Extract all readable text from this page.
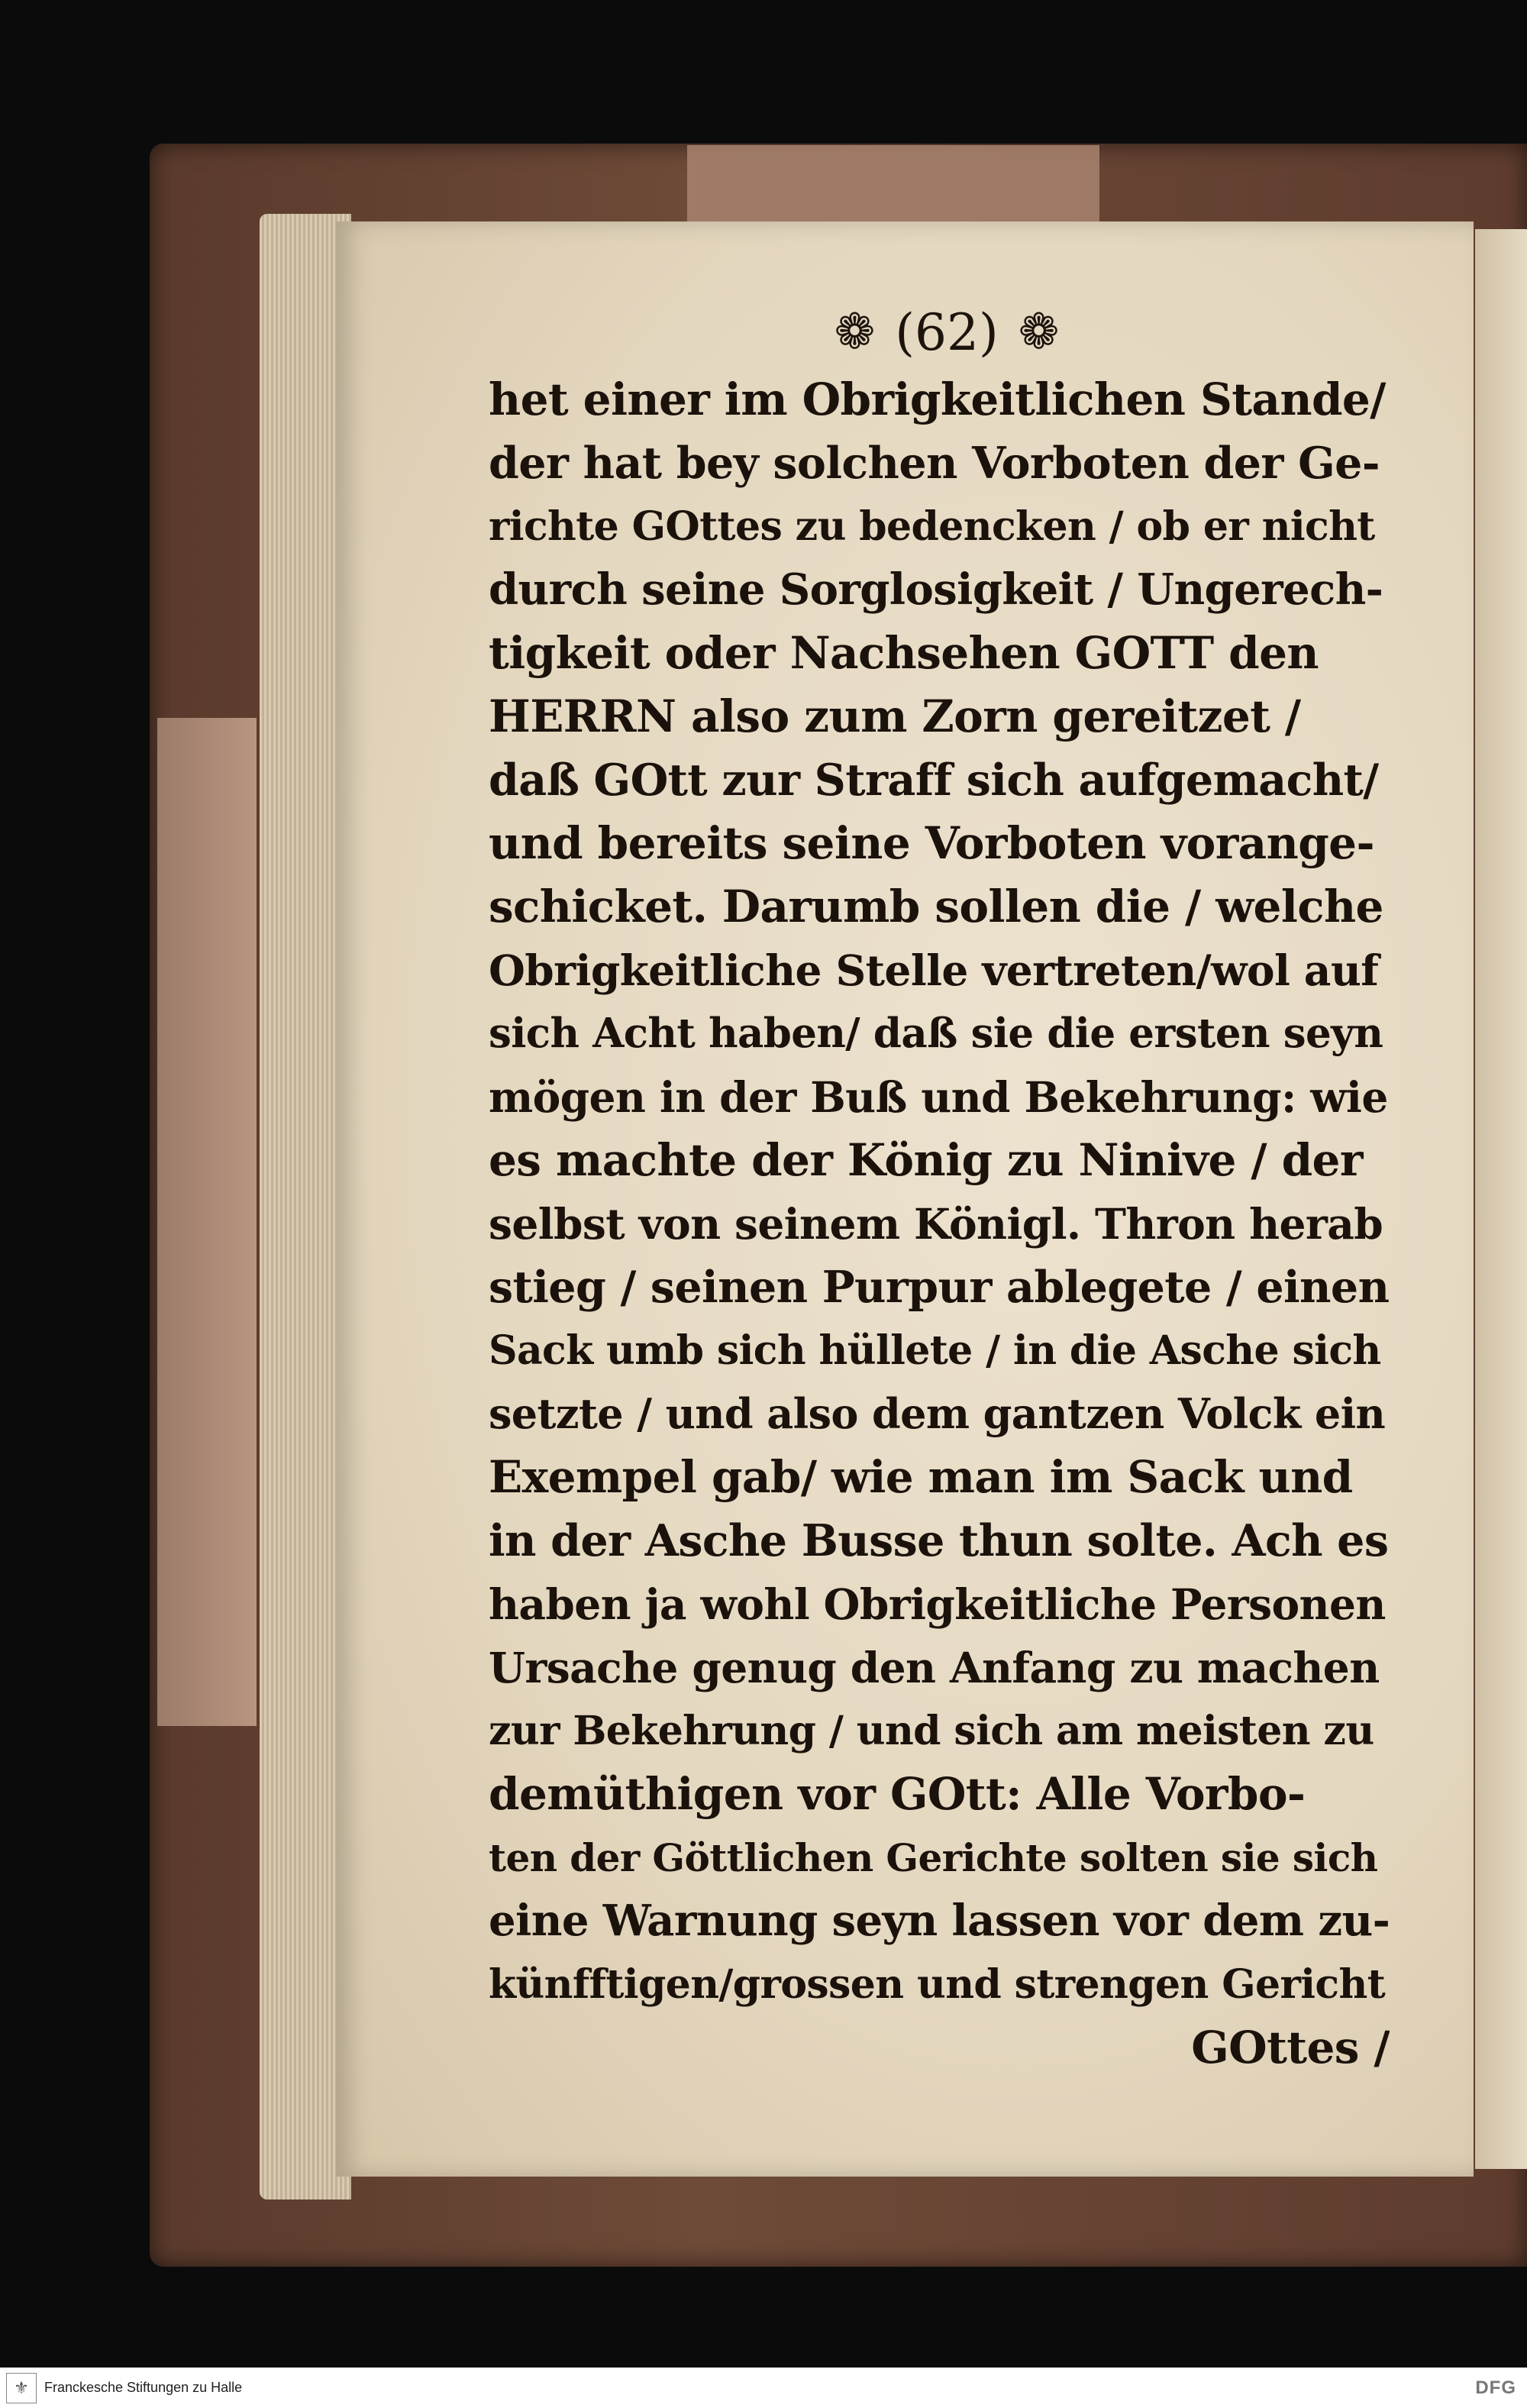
❁ (62) ❁
het einer im Obrigkeitlichen Stande/
der hat bey solchen Vorboten der Ge-
richte GOttes zu bedencken / ob er nicht
durch seine Sorglosigkeit / Ungerech-
tigkeit oder Nachsehen GOTT den
HERRN also zum Zorn gereitzet /
daß GOtt zur Straff sich aufgemacht/
und bereits seine Vorboten vorange-
schicket. Darumb sollen die / welche
Obrigkeitliche Stelle vertreten/wol auf
sich Acht haben/ daß sie die ersten seyn
mögen in der Buß und Bekehrung: wie
es machte der König zu Ninive / der
selbst von seinem Königl. Thron herab
stieg / seinen Purpur ablegete / einen
Sack umb sich hüllete / in die Asche sich
setzte / und also dem gantzen Volck ein
Exempel gab/ wie man im Sack und
in der Asche Busse thun solte. Ach es
haben ja wohl Obrigkeitliche Personen
Ursache genug den Anfang zu machen
zur Bekehrung / und sich am meisten zu
demüthigen vor GOtt: Alle Vorbo-
ten der Göttlichen Gerichte solten sie sich
eine Warnung seyn lassen vor dem zu-
künfftigen/grossen und strengen Gericht
GOttes /
⚜	Franckesche Stiftungen zu Halle	DFG
